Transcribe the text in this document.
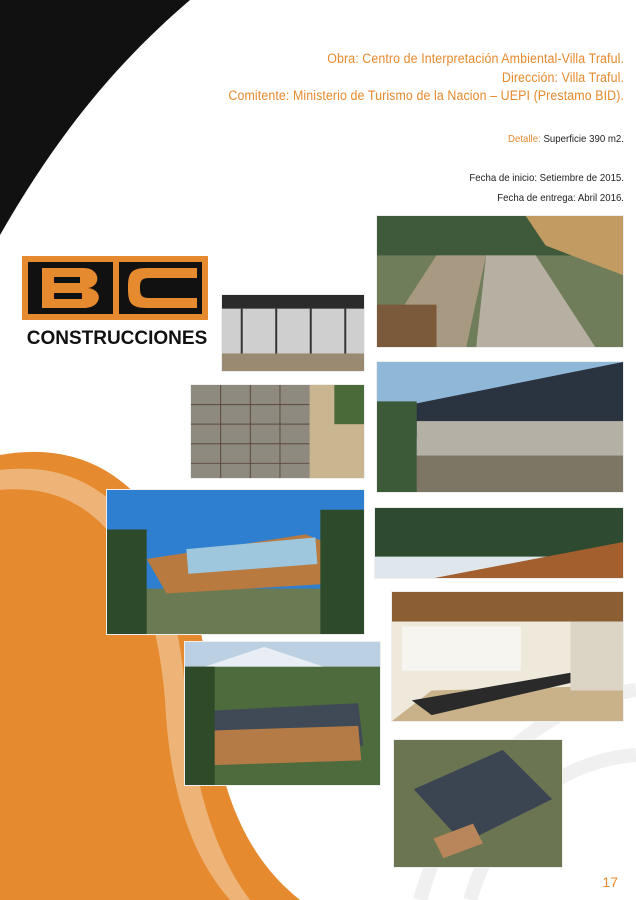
Obra: Centro de Interpretación Ambiental-Villa Traful.
Dirección: Villa Traful.
Comitente: Ministerio de Turismo de la Nacion – UEPI (Prestamo BID).
Detalle: Superficie 390 m2.
Fecha de inicio: Setiembre de 2015.
Fecha de entrega: Abril 2016.
CONSTRUCCIONES
17
